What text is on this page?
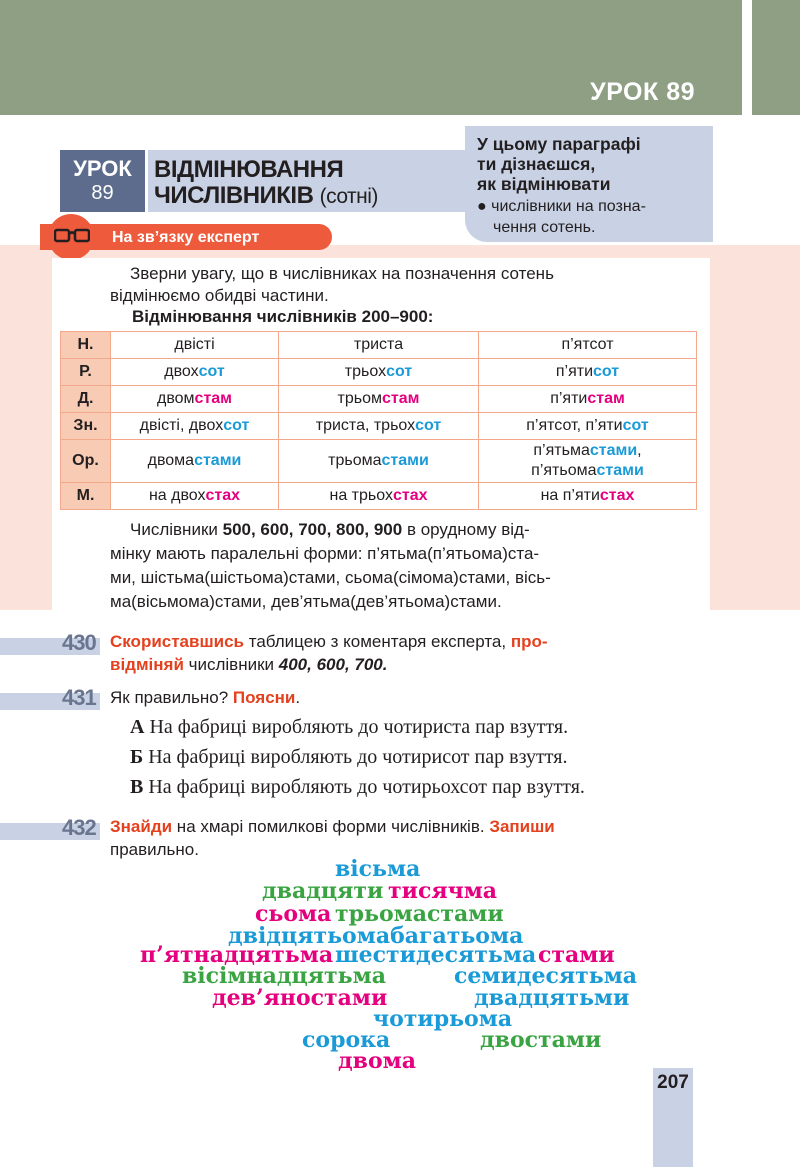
УРОК 89
УРОК
89
ВІДМІНЮВАННЯ
ЧИСЛІВНИКІВ (сотні)
У цьому параграфі
ти дізнаєшся,
як відмінювати
● числівники на позна-
чення сотень.
На зв’язку експерт
Зверни увагу, що в числівниках на позначення сотень
відмінюємо обидві частини.
Відмінювання числівників 200–900:
Н.	двісті	триста	п’ятсот
Р.	двохсот	трьохсот	п’ятисот
Д.	двомстам	трьомстам	п’ятистам
Зн.	двісті, двохсот	триста, трьохсот	п’ятсот, п’ятисот
Ор.	двомастами	трьомастами	п’ятьмастами,
п’ятьомастами
М.	на двохстах	на трьохстах	на п’ятистах
Числівники 500, 600, 700, 800, 900 в орудному від-
мінку мають паралельні форми: п’ятьма(п’ятьома)ста-
ми, шістьма(шістьома)стами, сьома(сімома)стами, вісь-
ма(вісьмома)стами, дев’ятьма(дев’ятьома)стами.
430 Скориставшись таблицею з коментаря експерта, про-
відміняй числівники 400, 600, 700.
431 Як правильно? Поясни.
А На фабриці виробляють до чотириста пар взуття.
Б На фабриці виробляють до чотирисот пар взуття.
В На фабриці виробляють до чотирьохсот пар взуття.
432 Знайди на хмарі помилкові форми числівників. Запиши
правильно.
вісьма
двадцяти тисячма
сьома трьомастами
двідцятьомабагатьома
п’ятнадцятьма шестидесятьма стами
вісімнадцятьма	семидесятьма
дев’яностами	двадцятьми
чотирьома
сорока	двостами
двома
207
